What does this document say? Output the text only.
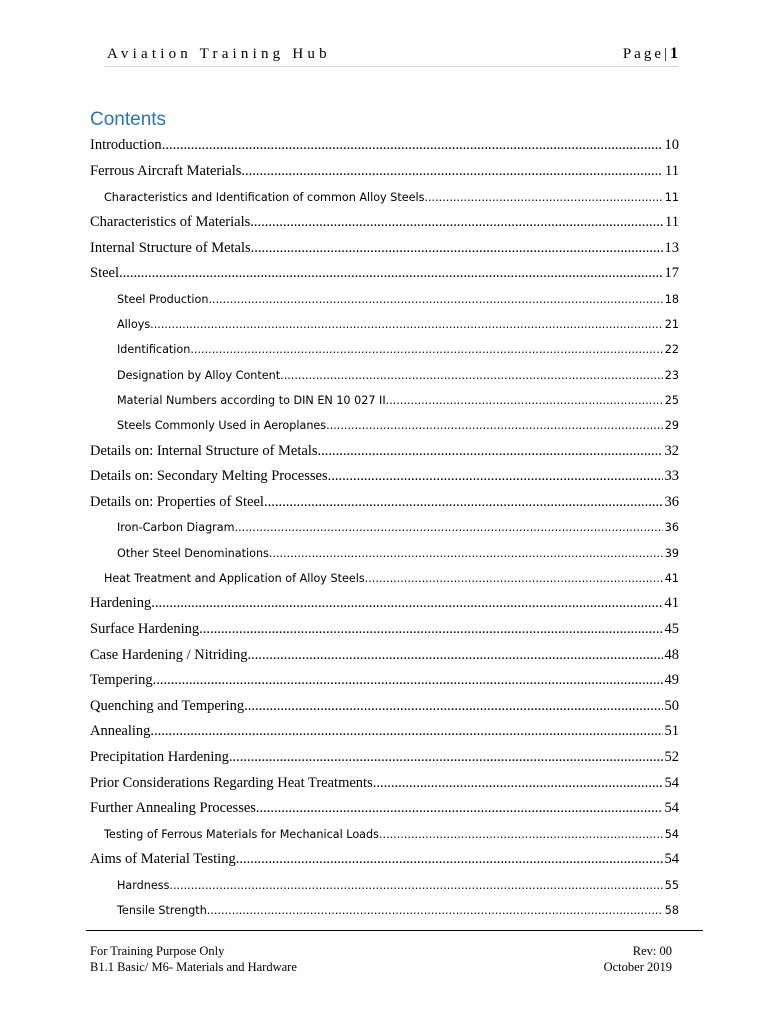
Aviation Training Hub	Page|1
Contents
Introduction .....	10
Ferrous Aircraft Materials .....	11
Characteristics and Identification of common Alloy Steels .....	11
Characteristics of Materials .....	11
Internal Structure of Metals .....	13
Steel .....	17
Steel Production .....	18
Alloys .....	21
Identification .....	22
Designation by Alloy Content .....	23
Material Numbers according to DIN EN 10 027 II .....	25
Steels Commonly Used in Aeroplanes .....	29
Details on: Internal Structure of Metals .....	32
Details on: Secondary Melting Processes .....	33
Details on: Properties of Steel .....	36
Iron-Carbon Diagram .....	36
Other Steel Denominations .....	39
Heat Treatment and Application of Alloy Steels .....	41
Hardening .....	41
Surface Hardening .....	45
Case Hardening / Nitriding .....	48
Tempering .....	49
Quenching and Tempering .....	50
Annealing .....	51
Precipitation Hardening .....	52
Prior Considerations Regarding Heat Treatments .....	54
Further Annealing Processes .....	54
Testing of Ferrous Materials for Mechanical Loads .....	54
Aims of Material Testing .....	54
Hardness .....	55
Tensile Strength .....	58
For Training Purpose Only
B1.1 Basic/ M6- Materials and Hardware
Rev: 00
October 2019
